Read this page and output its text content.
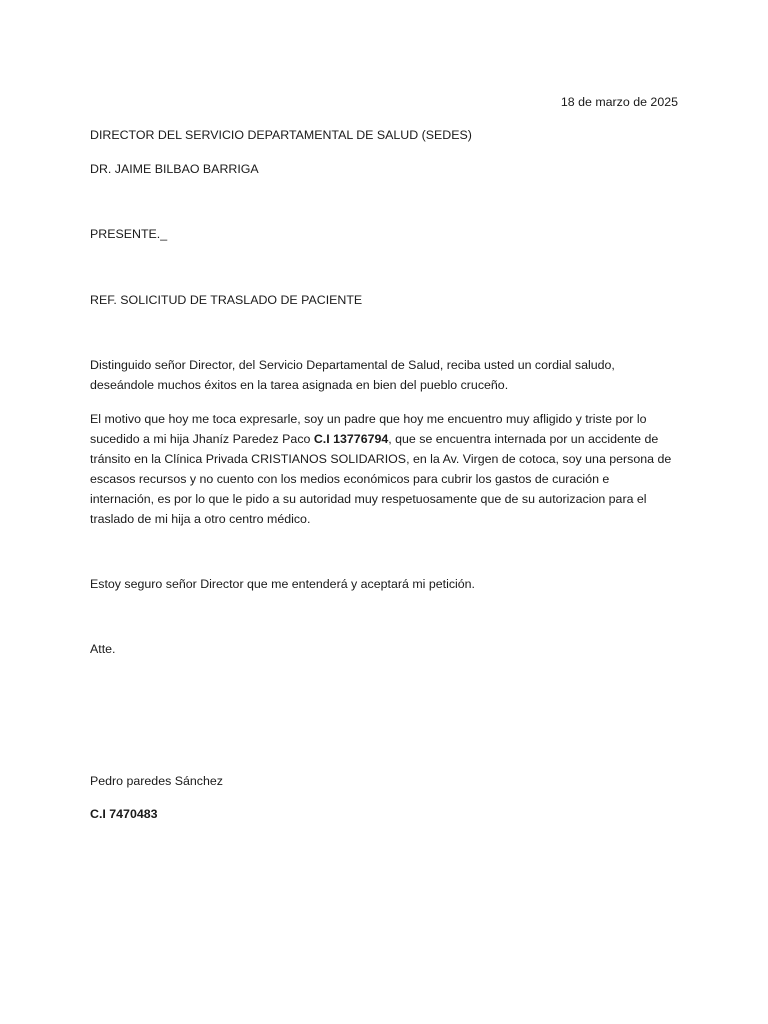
18 de marzo de 2025
DIRECTOR DEL SERVICIO DEPARTAMENTAL DE SALUD (SEDES)
DR. JAIME BILBAO BARRIGA
PRESENTE._
REF. SOLICITUD DE TRASLADO DE PACIENTE
Distinguido señor Director, del Servicio Departamental de Salud, reciba usted un cordial saludo,
deseándole muchos éxitos en la tarea asignada en bien del pueblo cruceño.
El motivo que hoy me toca expresarle, soy un padre que hoy me encuentro muy afligido y triste por lo
sucedido a mi hija Jhaníz Paredez Paco C.I 13776794, que se encuentra internada por un accidente de
tránsito en la Clínica Privada CRISTIANOS SOLIDARIOS, en la Av. Virgen de cotoca, soy una persona de
escasos recursos y no cuento con los medios económicos para cubrir los gastos de curación e
internación, es por lo que le pido a su autoridad muy respetuosamente que de su autorizacion para el
traslado de mi hija a otro centro médico.
Estoy seguro señor Director que me entenderá y aceptará mi petición.
Atte.
Pedro paredes Sánchez
C.I 7470483
